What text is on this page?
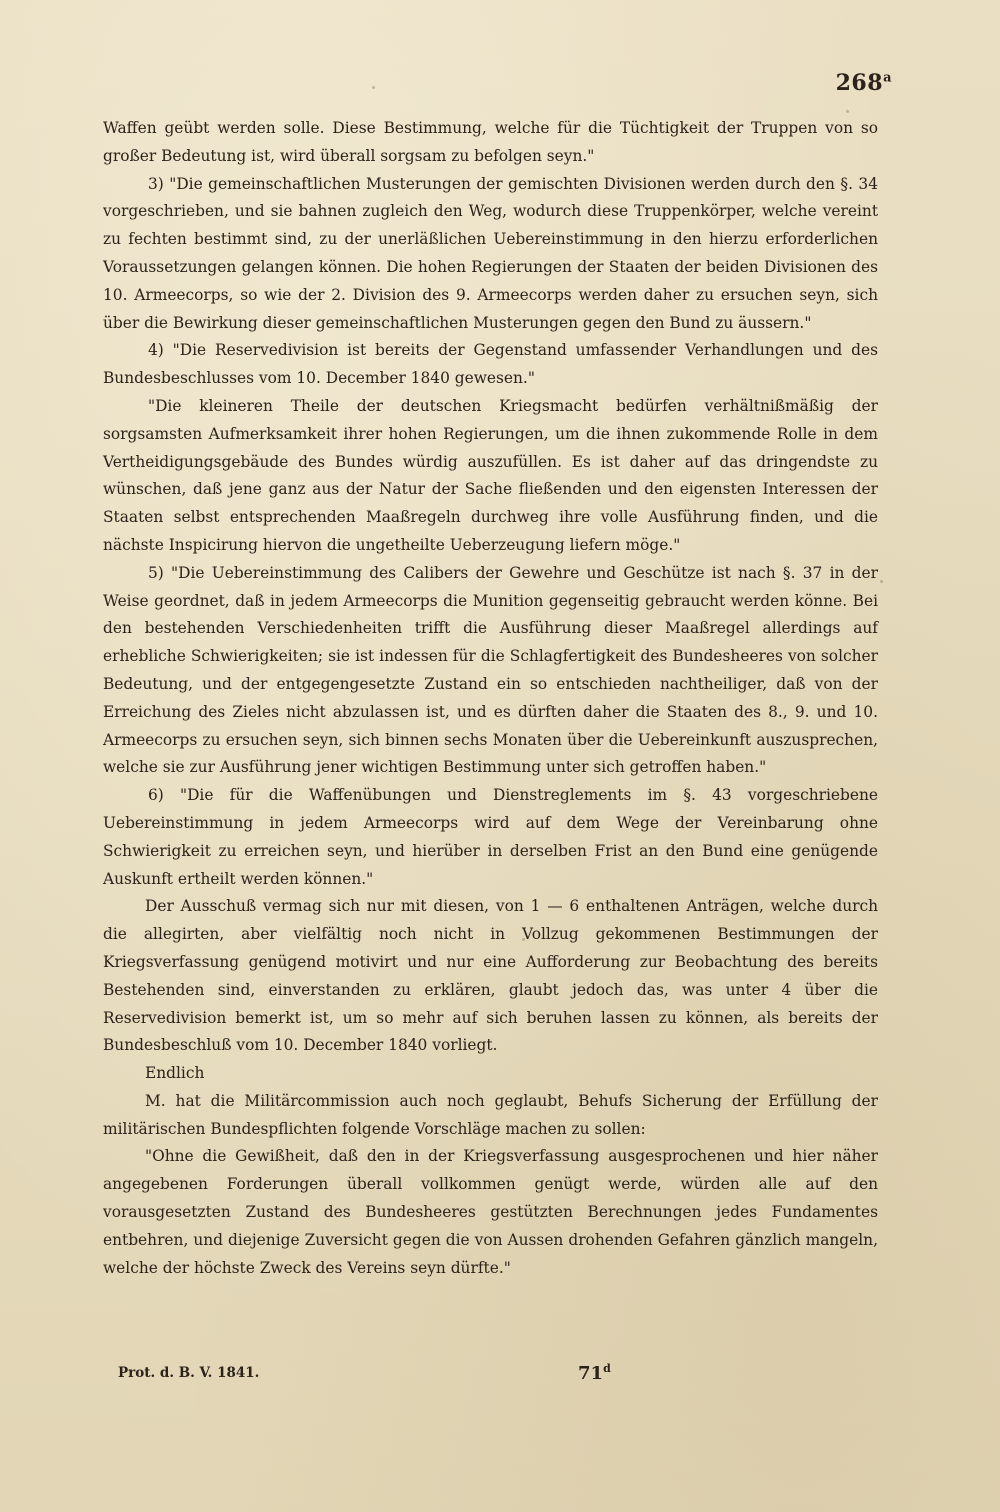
268$^a$

Waffen geübt werden solle. Diese Bestimmung, welche für die Tüchtigkeit der Truppen von so großer Bedeutung ist, wird überall sorgsam zu befolgen seyn."

3) "Die gemeinschaftlichen Musterungen der gemischten Divisionen werden durch den §. 34 vorgeschrieben, und sie bahnen zugleich den Weg, wodurch diese Truppenkörper, welche vereint zu fechten bestimmt sind, zu der unerläßlichen Uebereinstimmung in den hierzu erforderlichen Voraussetzungen gelangen können. Die hohen Regierungen der Staaten der beiden Divisionen des 10. Armeecorps, so wie der 2. Division des 9. Armeecorps werden daher zu ersuchen seyn, sich über die Bewirkung dieser gemeinschaftlichen Musterungen gegen den Bund zu äussern."

4) "Die Reservedivision ist bereits der Gegenstand umfassender Verhandlungen und des Bundesbeschlusses vom 10. December 1840 gewesen."

"Die kleineren Theile der deutschen Kriegsmacht bedürfen verhältnißmäßig der sorgsamsten Aufmerksamkeit ihrer hohen Regierungen, um die ihnen zukommende Rolle in dem Vertheidigungsgebäude des Bundes würdig auszufüllen. Es ist daher auf das dringendste zu wünschen, daß jene ganz aus der Natur der Sache fließenden und den eigensten Interessen der Staaten selbst entsprechenden Maaßregeln durchweg ihre volle Ausführung finden, und die nächste Inspicirung hiervon die ungetheilte Ueberzeugung liefern möge."

5) "Die Uebereinstimmung des Calibers der Gewehre und Geschütze ist nach §. 37 in der Weise geordnet, daß in jedem Armeecorps die Munition gegenseitig gebraucht werden könne. Bei den bestehenden Verschiedenheiten trifft die Ausführung dieser Maaßregel allerdings auf erhebliche Schwierigkeiten; sie ist indessen für die Schlagfertigkeit des Bundesheeres von solcher Bedeutung, und der entgegengesetzte Zustand ein so entschieden nachtheiliger, daß von der Erreichung des Zieles nicht abzulassen ist, und es dürften daher die Staaten des 8., 9. und 10. Armeecorps zu ersuchen seyn, sich binnen sechs Monaten über die Uebereinkunft auszusprechen, welche sie zur Ausführung jener wichtigen Bestimmung unter sich getroffen haben."

6) "Die für die Waffenübungen und Dienstreglements im §. 43 vorgeschriebene Uebereinstimmung in jedem Armeecorps wird auf dem Wege der Vereinbarung ohne Schwierigkeit zu erreichen seyn, und hierüber in derselben Frist an den Bund eine genügende Auskunft ertheilt werden können."

Der Ausschuß vermag sich nur mit diesen, von 1 — 6 enthaltenen Anträgen, welche durch die allegirten, aber vielfältig noch nicht in Vollzug gekommenen Bestimmungen der Kriegsverfassung genügend motivirt und nur eine Aufforderung zur Beobachtung des bereits Bestehenden sind, einverstanden zu erklären, glaubt jedoch das, was unter 4 über die Reservedivision bemerkt ist, um so mehr auf sich beruhen lassen zu können, als bereits der Bundesbeschluß vom 10. December 1840 vorliegt.

Endlich

M. hat die Militärcommission auch noch geglaubt, Behufs Sicherung der Erfüllung der militärischen Bundespflichten folgende Vorschläge machen zu sollen:

"Ohne die Gewißheit, daß den in der Kriegsverfassung ausgesprochenen und hier näher angegebenen Forderungen überall vollkommen genügt werde, würden alle auf den vorausgesetzten Zustand des Bundesheeres gestützten Berechnungen jedes Fundamentes entbehren, und diejenige Zuversicht gegen die von Aussen drohenden Gefahren gänzlich mangeln, welche der höchste Zweck des Vereins seyn dürfte."

Prot. d. B. V. 1841.	71$^d$
